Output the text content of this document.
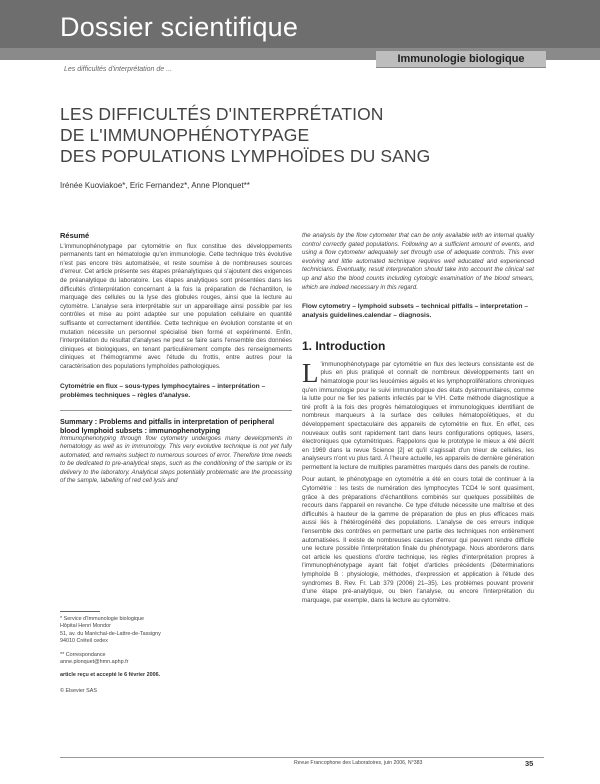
Dossier scientifique
Immunologie biologique
Les difficultés d'interprétation de ...
LES DIFFICULTÉS D'INTERPRÉTATION
DE L'IMMUNOPHÉNOTYPAGE
DES POPULATIONS LYMPHOÏDES DU SANG
Irénée Kuoviakoe*, Eric Fernandez*, Anne Plonquet**
Résumé

L'immunophénotypage par cytométrie en flux constitue des développements permanents tant en hématologie qu'en immunologie. Cette technique très évolutive n'est pas encore très automatisée, et reste soumise à de nombreuses sources d'erreur. Cet article présente ses étapes préanalytiques qui s'ajoutent des exigences de préanalytique du laboratoire. Les étapes analytiques sont présentées dans les difficultés d'interprétation concernant à la fois la préparation de l'échantillon, le marquage des cellules ou la lyse des globules rouges, ainsi que la lecture au cytomètre. L'analyse sera interprétable sur un appareillage ainsi possible par les contrôles et mise au point adaptée sur une population cellulaire en quantité suffisante et correctement identifiée. Cette technique en évolution constante et en mutation nécessite un personnel spécialisé bien formé et expérimenté. Enfin, l'interprétation du résultat d'analyses ne peut se faire sans l'ensemble des données cliniques et biologiques, en tenant particulièrement compte des renseignements cliniques et l'hémogramme avec l'étude du frottis, entre autres pour la caractérisation des populations lymphoïdes pathologiques.

Cytométrie en flux – sous-types lymphocytaires – interprétation – problèmes techniques – règles d'analyse.
Summary : Problems and pitfalls in interpretation of peripheral blood lymphoid subsets : immunophenotyping

Immunophenotyping through flow cytometry undergoes many developments in hematology as well as in immunology. This very evolutive technique is not yet fully automated, and remains subject to numerous sources of error. Therefore time needs to be dedicated to pre-analytical steps, such as the conditioning of the sample or its delivery to the laboratory. Analytical steps potentially problematic are the processing of the sample, labelling of red cell lysis and

the analysis by the flow cytometer that can be only available with an internal quality control correctly gated populations. Following an a sufficient amount of events, and using a flow cytometer adequately set through use of adequate controls. This ever evolving and little automated technique requires well educated and experienced technicians. Eventually, result interpretation should take into account the clinical set up and also the blood counts including cytologic examination of the blood smears, which are indeed necessary in this regard.

Flow cytometry – lymphoid subsets – technical pitfalls – interpretation – analysis guidelines.calendar – diagnosis.
1. Introduction

L 'immunophénotypage par cytométrie en flux des lecteurs consistante est de plus en plus pratiqué et connaît de nombreux développements tant en hématologie pour les leucémies aiguës et les lymphoproliférations chroniques qu'en immunologie pour le suivi immunologique des états dysimmunitaires, comme la lutte pour ne fier les patients infectés par le VIH. Cette méthode diagnostique a tiré profit à la fois des progrès hématologiques et immunologiques identifiant de nombreux marqueurs à la surface des cellules hématopoïétiques, et du développement spectaculaire des appareils de cytométrie en flux. En effet, ces nouveaux outils sont rapidement tant dans leurs configurations optiques, lasers, électroniques que cytométriques. Rappelons que le prototype le mieux a été décrit en 1969 dans la revue Science [2] et qu'il s'agissait d'un trieur de cellules, les analyseurs n'ont vu plus tard. À l'heure actuelle, les appareils de dernière génération permettent la lecture de multiples paramètres marqués dans des panels de routine.

Pour autant, le phénotypage en cytométrie a été en cours total de continuer à la Cytométrie : les tests de numération des lymphocytes TCD4 le sont quasiment, grâce à des préparations d'échantillons combinés sur quelques possibilités de recours dans l'appareil en revanche. Ce type d'étude nécessite une maîtrise et des difficultés à hauteur de la gamme de préparation de plus en plus efficaces mais aussi liés à l'hétérogénéité des populations. L'analyse de ces erreurs indique l'ensemble des contrôles en permettant une partie des techniques non entièrement automatisées. Il existe de nombreuses causes d'erreur qui peuvent rendre difficile une lecture possible l'interprétation finale du phénotypage. Nous aborderons dans cet article les questions d'ordre technique, les règles d'interprétation propres à l'immunophénotypage ayant fait l'objet d'articles précédents (Déterminations lymphoïde B : physiologie, méthodes, d'expression et application à l'étude des syndromes B. Rev. Fr. Lab 379 (2006) 21–35). Les problèmes pouvant provenir d'une étape pré-analytique, ou bien l'analyse, ou encore l'interprétation du marquage, par exemple, dans la lecture au cytomètre.

* Service d'Immunologie biologique
Hôpital Henri Mondor
51, av. du Maréchal-de-Lattre-de-Tassigny
94010 Créteil cedex
** Correspondance
anne.plonquet@hmn.aphp.fr
article reçu et accepté le 6 février 2006.
© Elsevier SAS
Revue Francophone des Laboratoires, juin 2006, N°383	35
